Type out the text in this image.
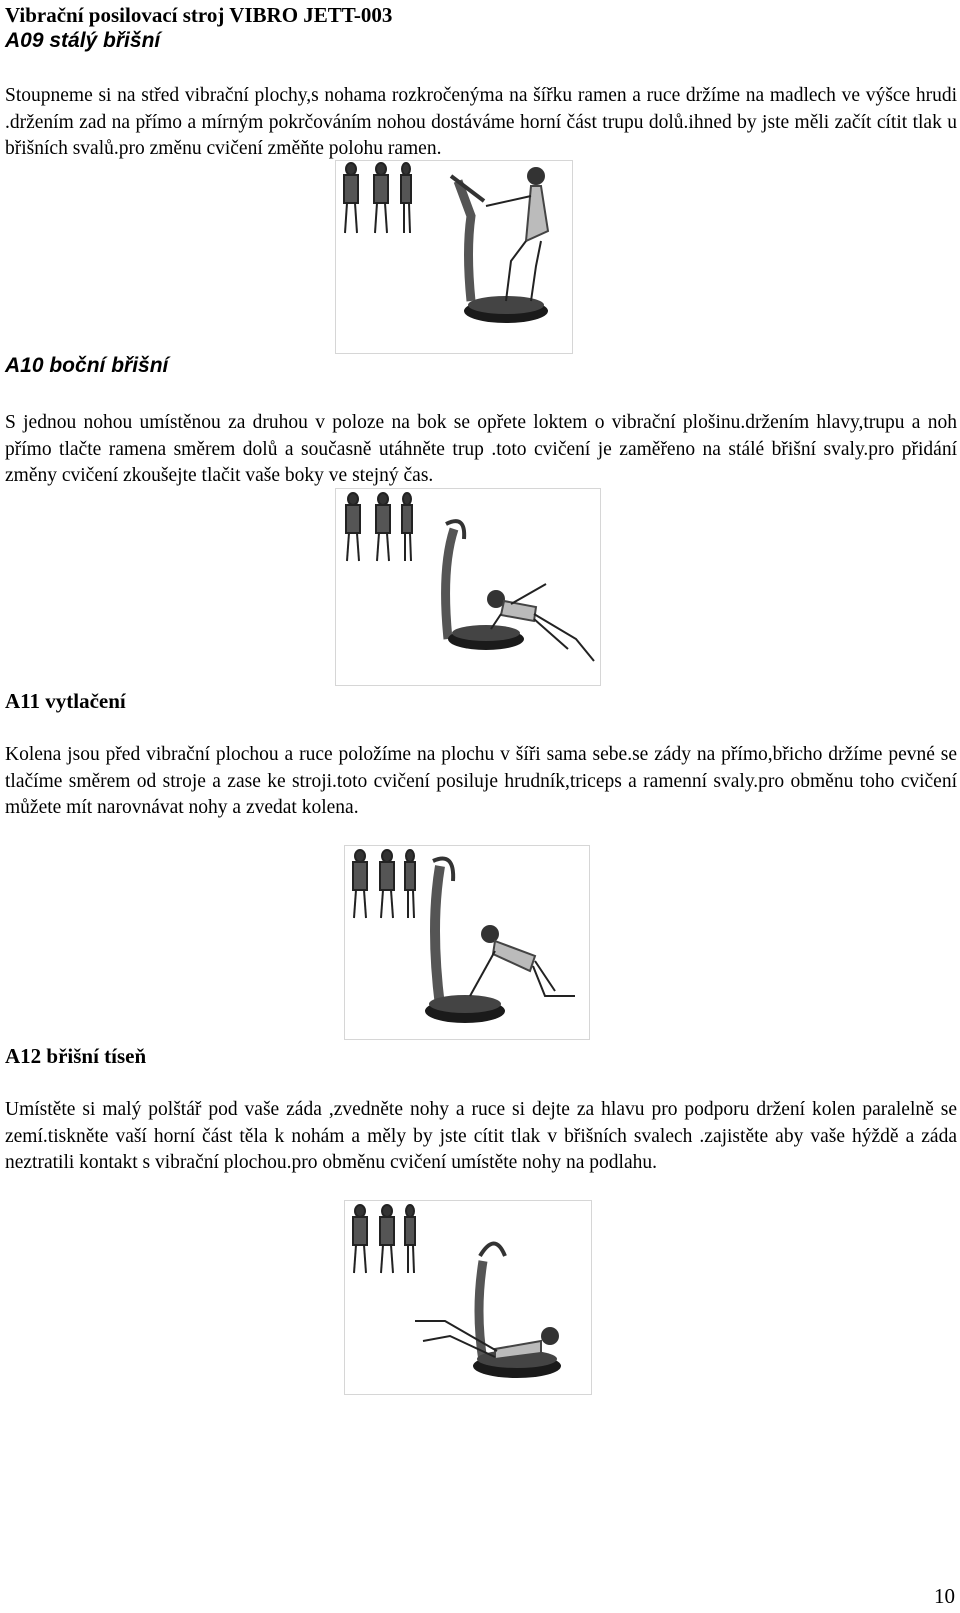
Vibrační posilovací stroj VIBRO JETT-003
A09 stálý břišní
Stoupneme si na střed vibrační plochy,s nohama rozkročenýma na šířku ramen a ruce držíme na madlech ve výšce hrudi .držením zad na přímo a mírným pokrčováním nohou dostáváme horní část trupu dolů.ihned by jste měli začít cítit tlak u břišních svalů.pro změnu cvičení změňte polohu ramen.
A10 boční břišní
S jednou nohou umístěnou za druhou v poloze na bok se opřete loktem o vibrační plošinu.držením hlavy,trupu a noh přímo tlačte ramena směrem dolů a současně utáhněte trup .toto cvičení je zaměřeno na stálé břišní svaly.pro přidání změny cvičení zkoušejte tlačit vaše boky ve stejný čas.
A11 vytlačení
Kolena jsou před vibrační plochou a ruce položíme na plochu v šíři sama sebe.se zády na přímo,břicho držíme pevné se tlačíme směrem od stroje a zase ke stroji.toto cvičení posiluje hrudník,triceps a ramenní svaly.pro obměnu toho cvičení můžete mít narovnávat nohy a zvedat kolena.
A12 břišní tíseň
Umístěte si malý polštář pod vaše záda ,zvedněte nohy a ruce si dejte za hlavu pro podporu držení kolen paralelně se zemí.tiskněte vaší horní část těla k nohám a měly by jste cítit tlak v břišních svalech .zajistěte aby vaše hýždě a záda neztratili kontakt s vibrační plochou.pro obměnu cvičení umístěte nohy na podlahu.
10
